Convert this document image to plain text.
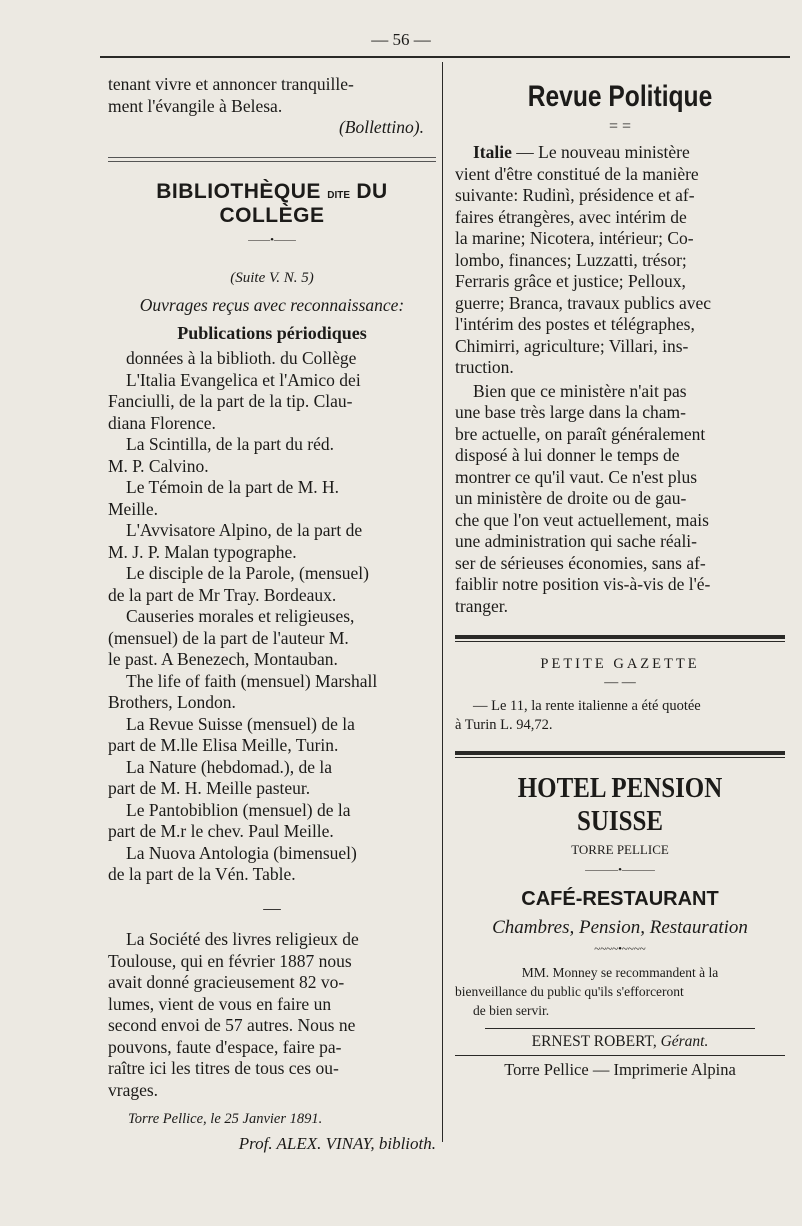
— 56 —

tenant vivre et annoncer tranquille-

ment l'évangile à Belesa.

(Bollettino).

BIBLIOTHÈQUE DITE DU COLLÈGE

——•——

(Suite V. N. 5)

Ouvrages reçus avec reconnaissance:

Publications périodiques

données à la biblioth. du Collège

L'Italia Evangelica et l'Amico dei

Fanciulli, de la part de la tip. Clau-

diana Florence.

La Scintilla, de la part du réd.

M. P. Calvino.

Le Témoin de la part de M. H.

Meille.

L'Avvisatore Alpino, de la part de

M. J. P. Malan typographe.

Le disciple de la Parole, (mensuel)

de la part de Mr Tray. Bordeaux.

Causeries morales et religieuses,

(mensuel) de la part de l'auteur M.

le past. A Benezech, Montauban.

The life of faith (mensuel) Marshall

Brothers, London.

La Revue Suisse (mensuel) de la

part de M.lle Elisa Meille, Turin.

La Nature (hebdomad.), de la

part de M. H. Meille pasteur.

Le Pantobiblion (mensuel) de la

part de M.r le chev. Paul Meille.

La Nuova Antologia (bimensuel)

de la part de la Vén. Table.

—

La Société des livres religieux de

Toulouse, qui en février 1887 nous

avait donné gracieusement 82 vo-

lumes, vient de vous en faire un

second envoi de 57 autres. Nous ne

pouvons, faute d'espace, faire pa-

raître ici les titres de tous ces ou-

vrages.

Torre Pellice, le 25 Janvier 1891.

Prof. ALEX. VINAY, biblioth.

Revue Politique

= =

Italie — Le nouveau ministère

vient d'être constitué de la manière

suivante: Rudinì, présidence et af-

faires étrangères, avec intérim de

la marine; Nicotera, intérieur; Co-

lombo, finances; Luzzatti, trésor;

Ferraris grâce et justice; Pelloux,

guerre; Branca, travaux publics avec

l'intérim des postes et télégraphes,

Chimirri, agriculture; Villari, ins-

truction.

Bien que ce ministère n'ait pas

une base très large dans la cham-

bre actuelle, on paraît généralement

disposé à lui donner le temps de

montrer ce qu'il vaut. Ce n'est plus

un ministère de droite ou de gau-

che que l'on veut actuellement, mais

une administration qui sache réali-

ser de sérieuses économies, sans af-

faiblir notre position vis-à-vis de l'é-

tranger.

PETITE GAZETTE

— —

— Le 11, la rente italienne a été quotée

à Turin L. 94,72.

HOTEL PENSION SUISSE

TORRE PELLICE

———•———

CAFÉ-RESTAURANT

Chambres, Pension, Restauration

~~~~•~~~~

MM. Monney se recommandent à la

bienveillance du public qu'ils s'efforceront

de bien servir.

ERNEST ROBERT, Gérant.

Torre Pellice — Imprimerie Alpina
